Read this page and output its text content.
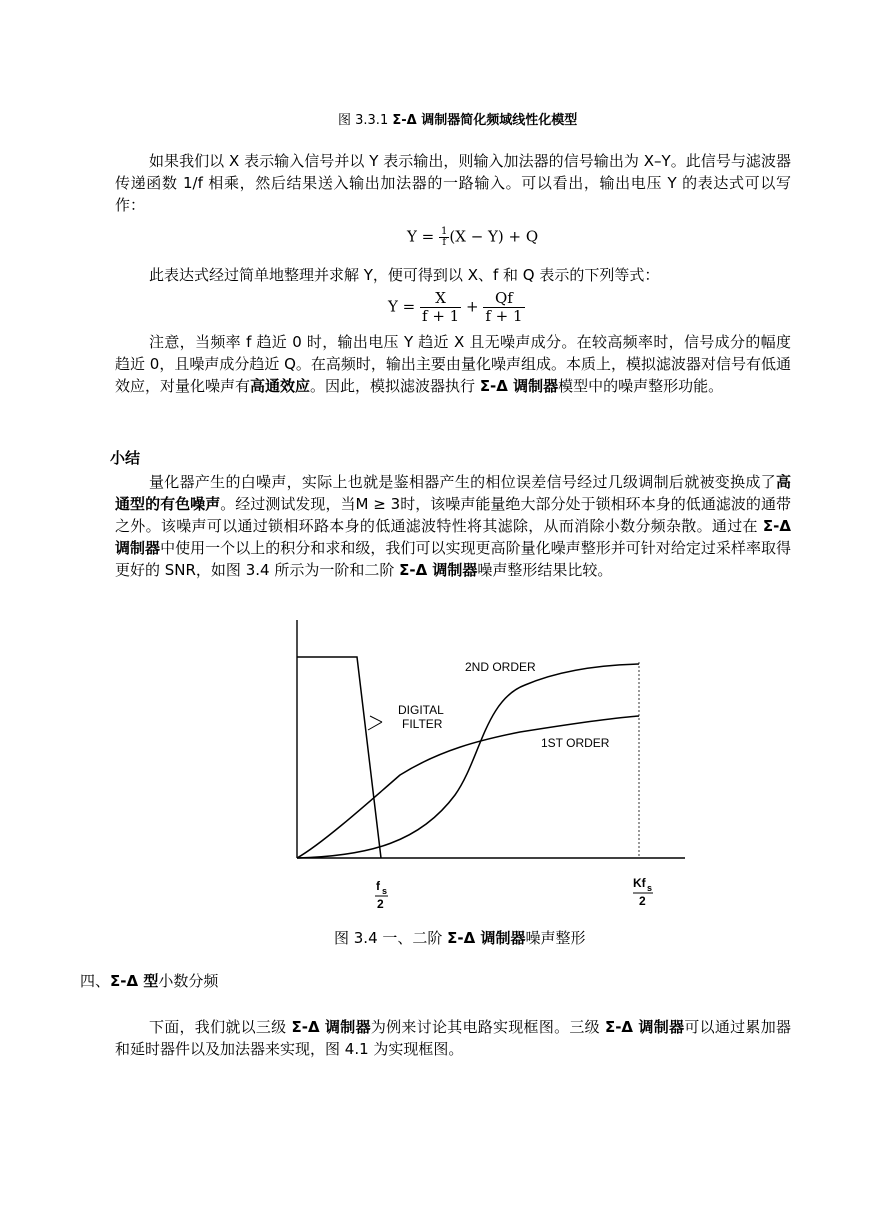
图 3.3.1 Σ-Δ 调制器简化频域线性化模型

如果我们以 X 表示输入信号并以 Y 表示输出，则输入加法器的信号输出为 X–Y。此信号与滤波器传递函数 1/f 相乘，然后结果送入输出加法器的一路输入。可以看出，输出电压 Y 的表达式可以写作：

$Y = \frac{1}{f} (X - Y) + Q$

此表达式经过简单地整理并求解 Y，便可得到以 X、f 和 Q 表示的下列等式：

$Y = \frac{X}{f + 1} + \frac{Qf}{f + 1}$

注意，当频率 f 趋近 0 时，输出电压 Y 趋近 X 且无噪声成分。在较高频率时，信号成分的幅度趋近 0，且噪声成分趋近 Q。在高频时，输出主要由量化噪声组成。本质上，模拟滤波器对信号有低通效应，对量化噪声有高通效应。因此，模拟滤波器执行 Σ-Δ 调制器模型中的噪声整形功能。

小结

量化器产生的白噪声，实际上也就是鉴相器产生的相位误差信号经过几级调制后就被变换成了高通型的有色噪声。经过测试发现，当M ≥ 3时，该噪声能量绝大部分处于锁相环本身的低通滤波的通带之外。该噪声可以通过锁相环路本身的低通滤波特性将其滤除，从而消除小数分频杂散。通过在 Σ-Δ 调制器中使用一个以上的积分和求和级，我们可以实现更高阶量化噪声整形并可针对给定过采样率取得更好的 SNR，如图 3.4 所示为一阶和二阶 Σ-Δ 调制器噪声整形结果比较。

2ND ORDER
1ST ORDER
DIGITAL
FILTER
f s
2
Kf s
2
图 3.4 一、二阶 Σ-Δ 调制器噪声整形
四、Σ-Δ 型小数分频

下面，我们就以三级 Σ-Δ 调制器为例来讨论其电路实现框图。三级 Σ-Δ 调制器可以通过累加器和延时器件以及加法器来实现，图 4.1 为实现框图。
